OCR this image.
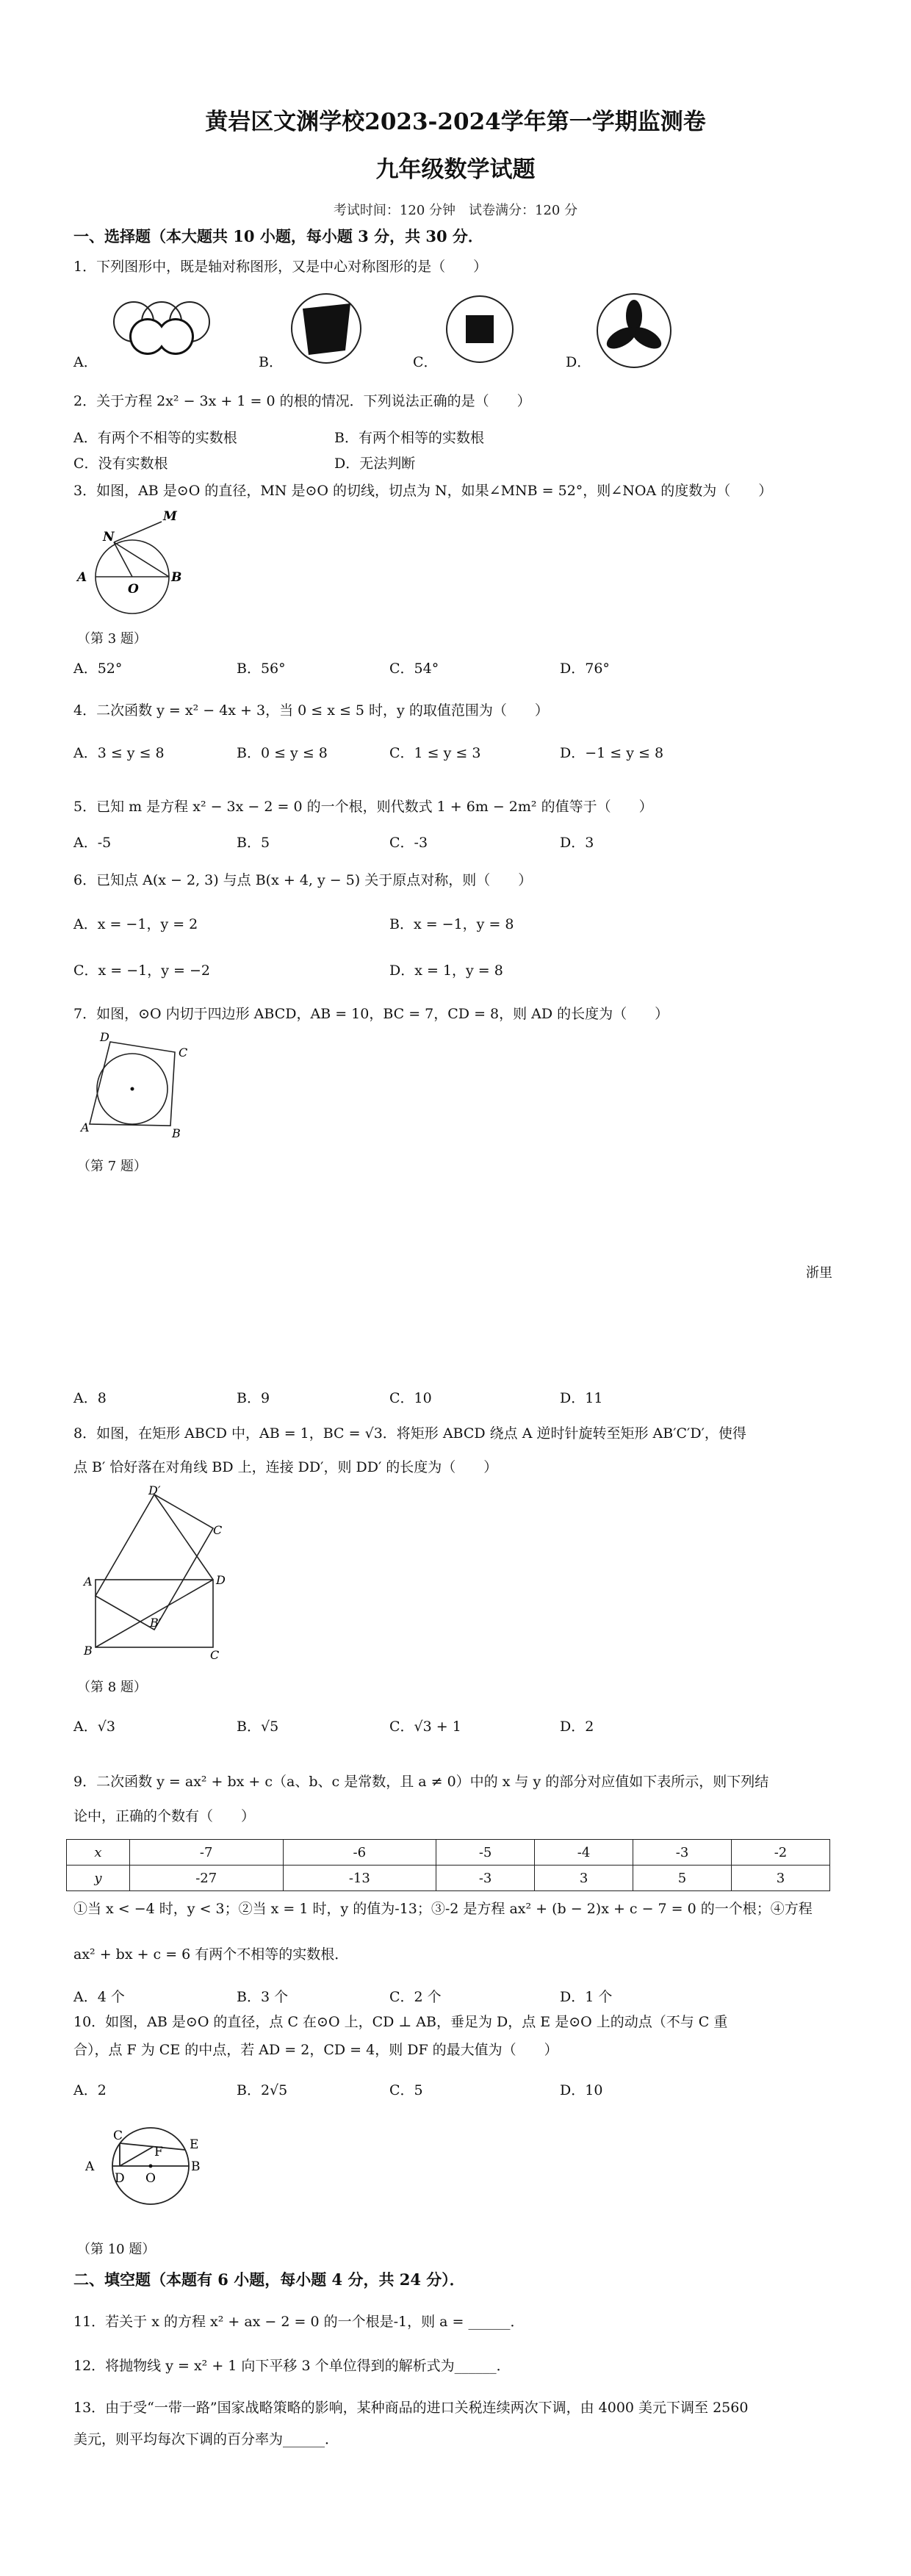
黄岩区文渊学校2023-2024学年第一学期监测卷
九年级数学试题
考试时间：120 分钟　试卷满分：120 分
一、选择题（本大题共 10 小题，每小题 3 分，共 30 分．
1．下列图形中，既是轴对称图形，又是中心对称图形的是（　　）
A．	B．	C．	D．
2．关于方程 2x² − 3x + 1 = 0 的根的情况．下列说法正确的是（　　）
A．有两个不相等的实数根	B．有两个相等的实数根
C．没有实数根	D．无法判断
3．如图，AB 是⊙O 的直径，MN 是⊙O 的切线，切点为 N，如果∠MNB = 52°，则∠NOA 的度数为（　　）
M
N
A
O
B
（第 3 题）
A．52°	B．56°	C．54°	D．76°
4．二次函数 y = x² − 4x + 3，当 0 ≤ x ≤ 5 时，y 的取值范围为（　　）
A．3 ≤ y ≤ 8	B．0 ≤ y ≤ 8	C．1 ≤ y ≤ 3	D．−1 ≤ y ≤ 8
5．已知 m 是方程 x² − 3x − 2 = 0 的一个根，则代数式 1 + 6m − 2m² 的值等于（　　）
A．-5	B．5	C．-3	D．3
6．已知点 A(x − 2, 3) 与点 B(x + 4, y − 5) 关于原点对称，则（　　）
A．x = −1，y = 2	B．x = −1，y = 8
C．x = −1，y = −2	D．x = 1，y = 8
7．如图，⊙O 内切于四边形 ABCD，AB = 10，BC = 7，CD = 8，则 AD 的长度为（　　）
A	B
C
D
（第 7 题）
浙里
A．8	B．9	C．10	D．11
8．如图，在矩形 ABCD 中，AB = 1，BC = √3．将矩形 ABCD 绕点 A 逆时针旋转至矩形 AB′C′D′，使得
点 B′ 恰好落在对角线 BD 上，连接 DD′，则 DD′ 的长度为（　　）
D′
C
A	D
B′
B	C
（第 8 题）
A．√3	B．√5	C．√3 + 1	D．2
9．二次函数 y = ax² + bx + c（a、b、c 是常数，且 a ≠ 0）中的 x 与 y 的部分对应值如下表所示，则下列结
论中，正确的个数有（　　）
x	-7	-6	-5	-4	-3	-2
y	-27	-13	-3	3	5	3
①当 x < −4 时，y < 3；②当 x = 1 时，y 的值为-13；③-2 是方程 ax² + (b − 2)x + c − 7 = 0 的一个根；④方程
ax² + bx + c = 6 有两个不相等的实数根．
A．4 个	B．3 个	C．2 个	D．1 个
10．如图，AB 是⊙O 的直径，点 C 在⊙O 上，CD ⊥ AB，垂足为 D，点 E 是⊙O 上的动点（不与 C 重
合），点 F 为 CE 的中点，若 AD = 2，CD = 4，则 DF 的最大值为（　　）
A．2	B．2√5	C．5	D．10
C
E
F
A
D O
B
（第 10 题）
二、填空题（本题有 6 小题，每小题 4 分，共 24 分）．
11．若关于 x 的方程 x² + ax − 2 = 0 的一个根是-1，则 a = ______．
12．将抛物线 y = x² + 1 向下平移 3 个单位得到的解析式为______．
13．由于受“一带一路”国家战略策略的影响，某种商品的进口关税连续两次下调，由 4000 美元下调至 2560
美元，则平均每次下调的百分率为______．
